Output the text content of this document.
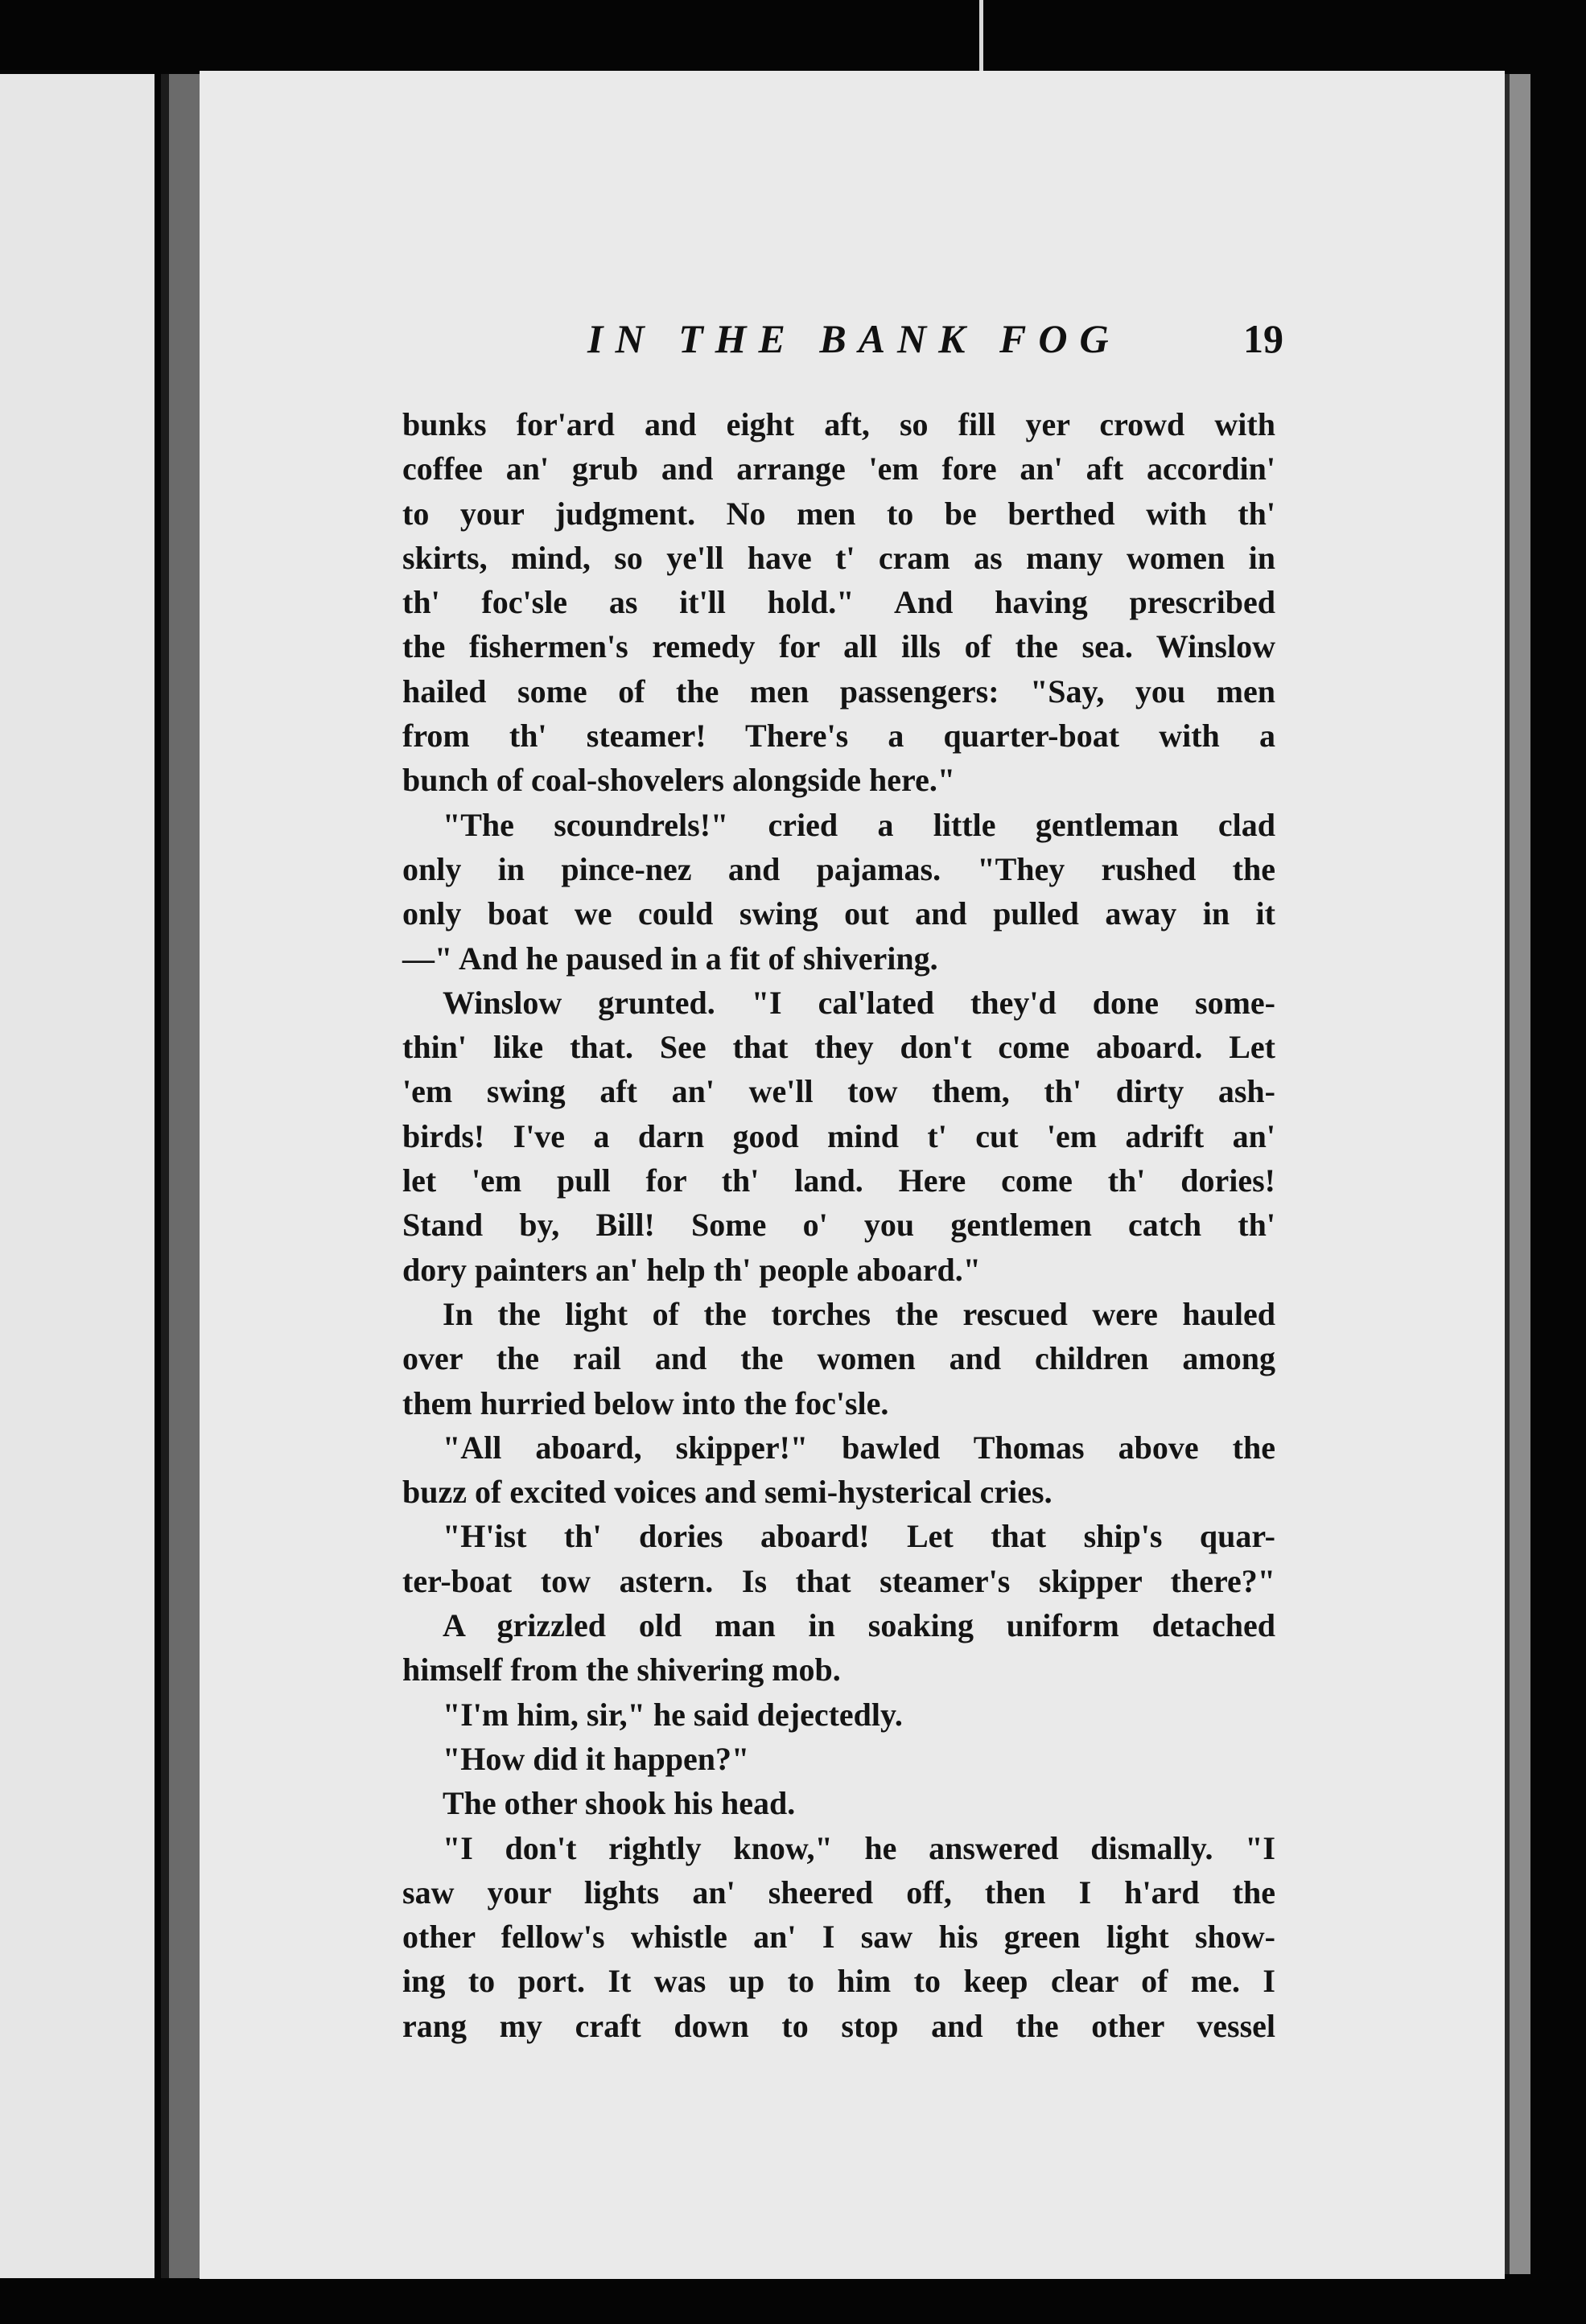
IN THE BANK FOG	19
bunks for'ard and eight aft, so fill yer crowd with
coffee an' grub and arrange 'em fore an' aft accordin'
to your judgment. No men to be berthed with th'
skirts, mind, so ye'll have t' cram as many women in
th' foc'sle as it'll hold." And having prescribed
the fishermen's remedy for all ills of the sea. Winslow
hailed some of the men passengers: "Say, you men
from th' steamer! There's a quarter-boat with a
bunch of coal-shovelers alongside here."
"The scoundrels!" cried a little gentleman clad
only in pince-nez and pajamas. "They rushed the
only boat we could swing out and pulled away in it
—" And he paused in a fit of shivering.
Winslow grunted. "I cal'lated they'd done some-
thin' like that. See that they don't come aboard. Let
'em swing aft an' we'll tow them, th' dirty ash-
birds! I've a darn good mind t' cut 'em adrift an'
let 'em pull for th' land. Here come th' dories!
Stand by, Bill! Some o' you gentlemen catch th'
dory painters an' help th' people aboard."
In the light of the torches the rescued were hauled
over the rail and the women and children among
them hurried below into the foc'sle.
"All aboard, skipper!" bawled Thomas above the
buzz of excited voices and semi-hysterical cries.
"H'ist th' dories aboard! Let that ship's quar-
ter-boat tow astern. Is that steamer's skipper there?"
A grizzled old man in soaking uniform detached
himself from the shivering mob.
"I'm him, sir," he said dejectedly.
"How did it happen?"
The other shook his head.
"I don't rightly know," he answered dismally. "I
saw your lights an' sheered off, then I h'ard the
other fellow's whistle an' I saw his green light show-
ing to port. It was up to him to keep clear of me. I
rang my craft down to stop and the other vessel
